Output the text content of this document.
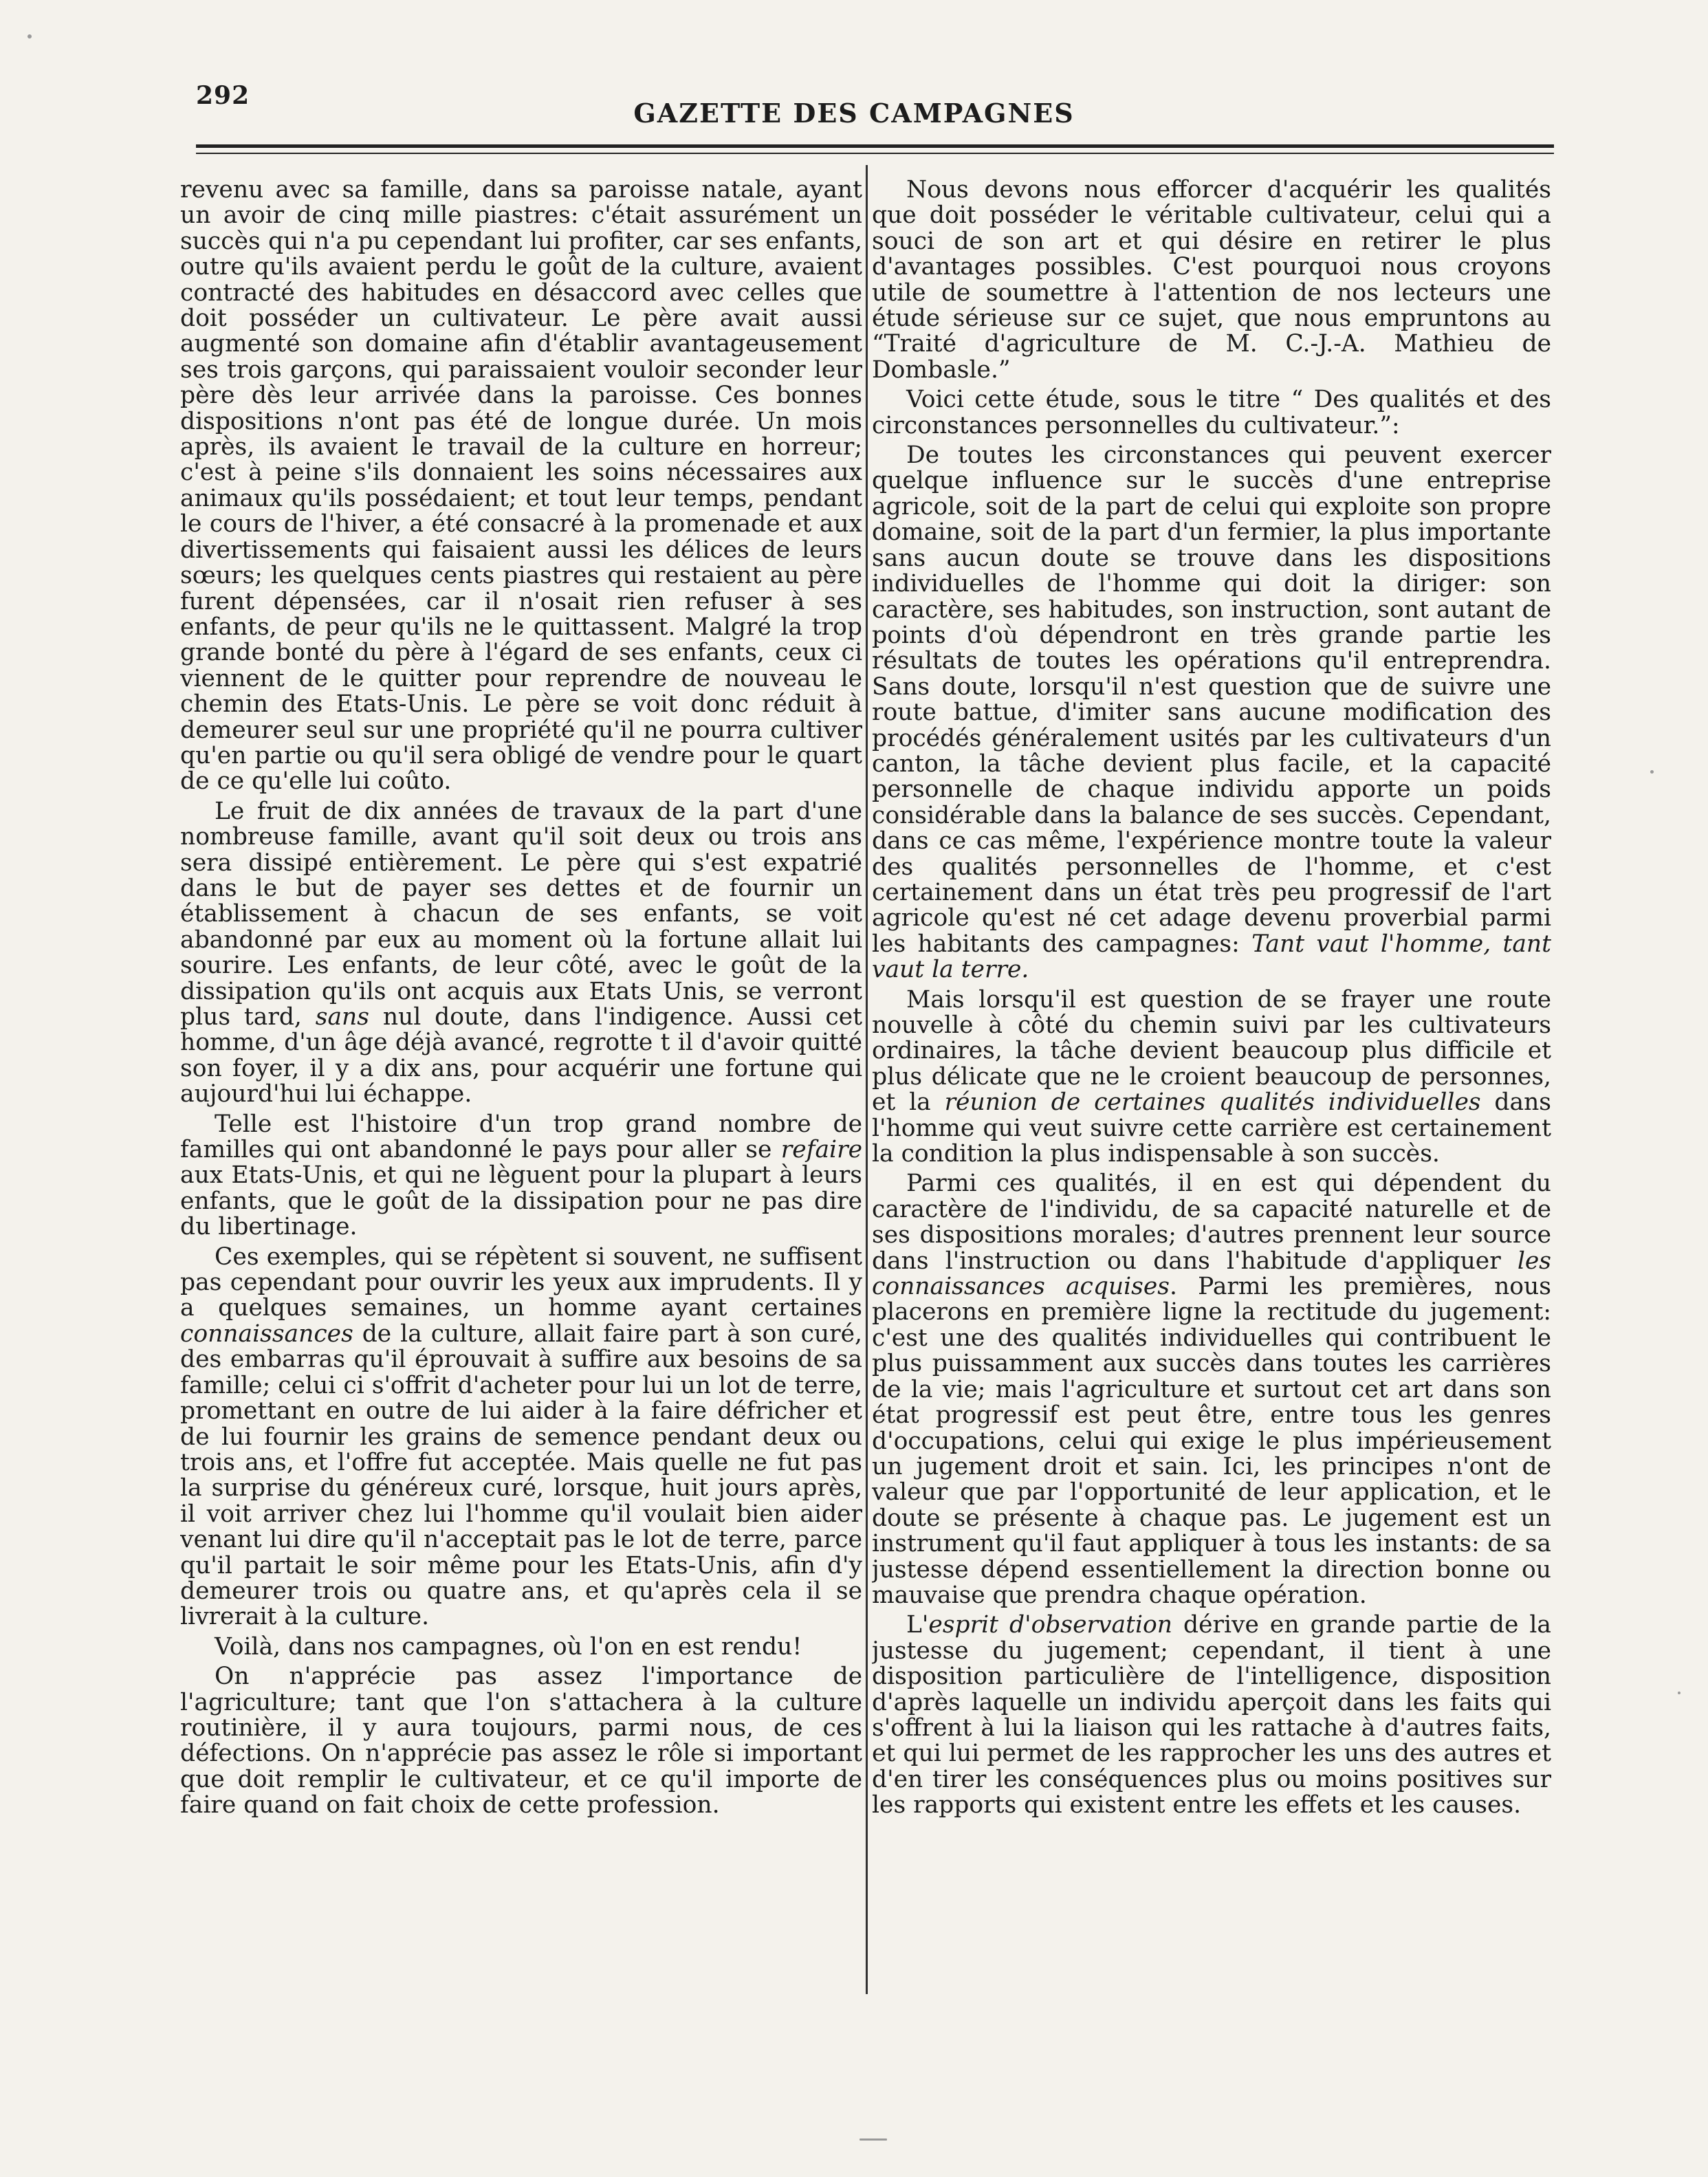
292
GAZETTE DES CAMPAGNES

revenu avec sa famille, dans sa paroisse natale, ayant un avoir de cinq mille piastres: c'était assurément un succès qui n'a pu cependant lui profiter, car ses enfants, outre qu'ils avaient perdu le goût de la culture, avaient contracté des habitudes en désaccord avec celles que doit posséder un cultivateur. Le père avait aussi augmenté son domaine afin d'établir avantageusement ses trois garçons, qui paraissaient vouloir seconder leur père dès leur arrivée dans la paroisse. Ces bonnes dispositions n'ont pas été de longue durée. Un mois après, ils avaient le travail de la culture en horreur; c'est à peine s'ils donnaient les soins nécessaires aux animaux qu'ils possédaient; et tout leur temps, pendant le cours de l'hiver, a été consacré à la promenade et aux divertissements qui faisaient aussi les délices de leurs sœurs; les quelques cents piastres qui restaient au père furent dépensées, car il n'osait rien refuser à ses enfants, de peur qu'ils ne le quittassent. Malgré la trop grande bonté du père à l'égard de ses enfants, ceux ci viennent de le quitter pour reprendre de nouveau le chemin des Etats-Unis. Le père se voit donc réduit à demeurer seul sur une propriété qu'il ne pourra cultiver qu'en partie ou qu'il sera obligé de vendre pour le quart de ce qu'elle lui coûto.

Le fruit de dix années de travaux de la part d'une nombreuse famille, avant qu'il soit deux ou trois ans sera dissipé entièrement. Le père qui s'est expatrié dans le but de payer ses dettes et de fournir un établissement à chacun de ses enfants, se voit abandonné par eux au moment où la fortune allait lui sourire. Les enfants, de leur côté, avec le goût de la dissipation qu'ils ont acquis aux Etats Unis, se verront plus tard, sans nul doute, dans l'indigence. Aussi cet homme, d'un âge déjà avancé, regrotte t il d'avoir quitté son foyer, il y a dix ans, pour acquérir une fortune qui aujourd'hui lui échappe.

Telle est l'histoire d'un trop grand nombre de familles qui ont abandonné le pays pour aller se refaire aux Etats-Unis, et qui ne lèguent pour la plupart à leurs enfants, que le goût de la dissipation pour ne pas dire du libertinage.

Ces exemples, qui se répètent si souvent, ne suffisent pas cependant pour ouvrir les yeux aux imprudents. Il y a quelques semaines, un homme ayant certaines connaissances de la culture, allait faire part à son curé, des embarras qu'il éprouvait à suffire aux besoins de sa famille; celui ci s'offrit d'acheter pour lui un lot de terre, promettant en outre de lui aider à la faire défricher et de lui fournir les grains de semence pendant deux ou trois ans, et l'offre fut acceptée. Mais quelle ne fut pas la surprise du généreux curé, lorsque, huit jours après, il voit arriver chez lui l'homme qu'il voulait bien aider venant lui dire qu'il n'acceptait pas le lot de terre, parce qu'il partait le soir même pour les Etats-Unis, afin d'y demeurer trois ou quatre ans, et qu'après cela il se livrerait à la culture.

Voilà, dans nos campagnes, où l'on en est rendu!

On n'apprécie pas assez l'importance de l'agriculture; tant que l'on s'attachera à la culture routinière, il y aura toujours, parmi nous, de ces défections. On n'apprécie pas assez le rôle si important que doit remplir le cultivateur, et ce qu'il importe de faire quand on fait choix de cette profession.

Nous devons nous efforcer d'acquérir les qualités que doit posséder le véritable cultivateur, celui qui a souci de son art et qui désire en retirer le plus d'avantages possibles. C'est pourquoi nous croyons utile de soumettre à l'attention de nos lecteurs une étude sérieuse sur ce sujet, que nous empruntons au “Traité d'agriculture de M. C.-J.-A. Mathieu de Dombasle.”

Voici cette étude, sous le titre “ Des qualités et des circonstances personnelles du cultivateur.”:

De toutes les circonstances qui peuvent exercer quelque influence sur le succès d'une entreprise agricole, soit de la part de celui qui exploite son propre domaine, soit de la part d'un fermier, la plus importante sans aucun doute se trouve dans les dispositions individuelles de l'homme qui doit la diriger: son caractère, ses habitudes, son instruction, sont autant de points d'où dépendront en très grande partie les résultats de toutes les opérations qu'il entreprendra. Sans doute, lorsqu'il n'est question que de suivre une route battue, d'imiter sans aucune modification des procédés généralement usités par les cultivateurs d'un canton, la tâche devient plus facile, et la capacité personnelle de chaque individu apporte un poids considérable dans la balance de ses succès. Cependant, dans ce cas même, l'expérience montre toute la valeur des qualités personnelles de l'homme, et c'est certainement dans un état très peu progressif de l'art agricole qu'est né cet adage devenu proverbial parmi les habitants des campagnes: Tant vaut l'homme, tant vaut la terre.

Mais lorsqu'il est question de se frayer une route nouvelle à côté du chemin suivi par les cultivateurs ordinaires, la tâche devient beaucoup plus difficile et plus délicate que ne le croient beaucoup de personnes, et la réunion de certaines qualités individuelles dans l'homme qui veut suivre cette carrière est certainement la condition la plus indispensable à son succès.

Parmi ces qualités, il en est qui dépendent du caractère de l'individu, de sa capacité naturelle et de ses dispositions morales; d'autres prennent leur source dans l'instruction ou dans l'habitude d'appliquer les connaissances acquises. Parmi les premières, nous placerons en première ligne la rectitude du jugement: c'est une des qualités individuelles qui contribuent le plus puissamment aux succès dans toutes les carrières de la vie; mais l'agriculture et surtout cet art dans son état progressif est peut être, entre tous les genres d'occupations, celui qui exige le plus impérieusement un jugement droit et sain. Ici, les principes n'ont de valeur que par l'opportunité de leur application, et le doute se présente à chaque pas. Le jugement est un instrument qu'il faut appliquer à tous les instants: de sa justesse dépend essentiellement la direction bonne ou mauvaise que prendra chaque opération.

L'esprit d'observation dérive en grande partie de la justesse du jugement; cependant, il tient à une disposition particulière de l'intelligence, disposition d'après laquelle un individu aperçoit dans les faits qui s'offrent à lui la liaison qui les rattache à d'autres faits, et qui lui permet de les rapprocher les uns des autres et d'en tirer les conséquences plus ou moins positives sur les rapports qui existent entre les effets et les causes.
